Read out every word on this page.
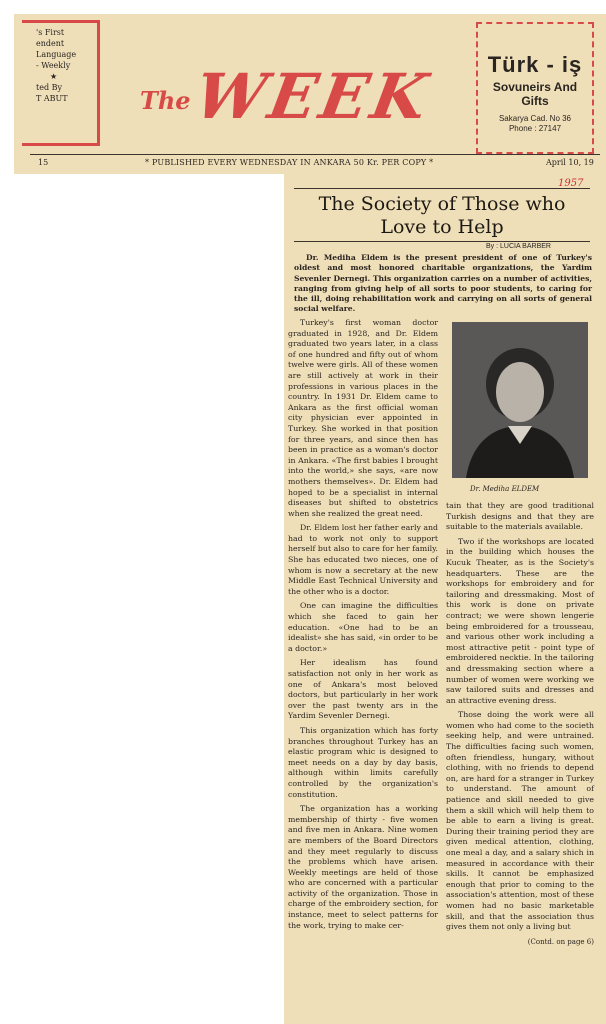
's First
endent
Language
- Weekly
★
ted By
T ABUT	The
WEEK	Türk - iş
Sovuneirs And Gifts
Sakarya Cad. No 36
Phone : 27147
15	* PUBLISHED EVERY WEDNESDAY IN ANKARA 50 Kr. PER COPY *	April 10, 19
1957
The Society of Those who Love to Help
By : LUCIA BARBER
Dr. Mediha Eldem is the present president of one of Turkey's oldest and most honored charitable organizations, the Yardim Sevenler Dernegi. This organization carries on a number of activities, ranging from giving help of all sorts to poor students, to caring for the ill, doing rehabilitation work and carrying on all sorts of general social welfare.

Turkey's first woman doctor graduated in 1928, and Dr. Eldem graduated two years later, in a class of one hundred and fifty out of whom twelve were girls. All of these women are still actively at work in their professions in various places in the country. In 1931 Dr. Eldem came to Ankara as the first official woman city physician ever appointed in Turkey. She worked in that position for three years, and since then has been in practice as a woman's doctor in Ankara. «The first babies I brought into the world,» she says, «are now mothers themselves». Dr. Eldem had hoped to be a specialist in internal diseases but shifted to obstetrics when she realized the great need.

Dr. Eldem lost her father early and had to work not only to support herself but also to care for her family. She has educated two nieces, one of whom is now a secretary at the new Middle East Technical University and the other who is a doctor.

One can imagine the difficulties which she faced to gain her education. «One had to be an idealist» she has said, «in order to be a doctor.»

Her idealism has found satisfaction not only in her work as one of Ankara's most beloved doctors, but particularly in her work over the past twenty ars in the Yardim Sevenler Dernegi.

This organization which has forty branches throughout Turkey has an elastic program whic is designed to meet needs on a day by day basis, although within limits carefully controlled by the organization's constitution.

The organization has a working membership of thirty - five women and five men in Ankara. Nine women are members of the Board Directors and they meet regularly to discuss the problems which have arisen. Weekly meetings are held of those who are concerned with a particular activity of the organization. Those in charge of the embroidery section, for instance, meet to select patterns for the work, trying to make cer-

Dr. Mediha ELDEM

tain that they are good traditional Turkish designs and that they are suitable to the materials available.

Two if the workshops are located in the building which houses the Kucuk Theater, as is the Society's headquarters. These are the workshops for embroidery and for tailoring and dressmaking. Most of this work is done on private contract; we were shown lengerie being embroidered for a trousseau, and various other work including a most attractive petit - point type of embroidered necktie. In the tailoring and dressmaking section where a number of women were working we saw tailored suits and dresses and an attractive evening dress.

Those doing the work were all women who had come to the societh seeking help, and were untrained. The difficulties facing such women, often friendless, hungary, without clothing, with no friends to depend on, are hard for a stranger in Turkey to understand. The amount of patience and skill needed to give them a skill which will help them to be able to earn a living is great. During their training period they are given medical attention, clothing, one meal a day, and a salary shich in measured in accordance with their skills. It cannot be emphasized enough that prior to coming to the association's attention, most of these women had no basic marketable skill, and that the association thus gives them not only a living but

(Contd. on page 6)
